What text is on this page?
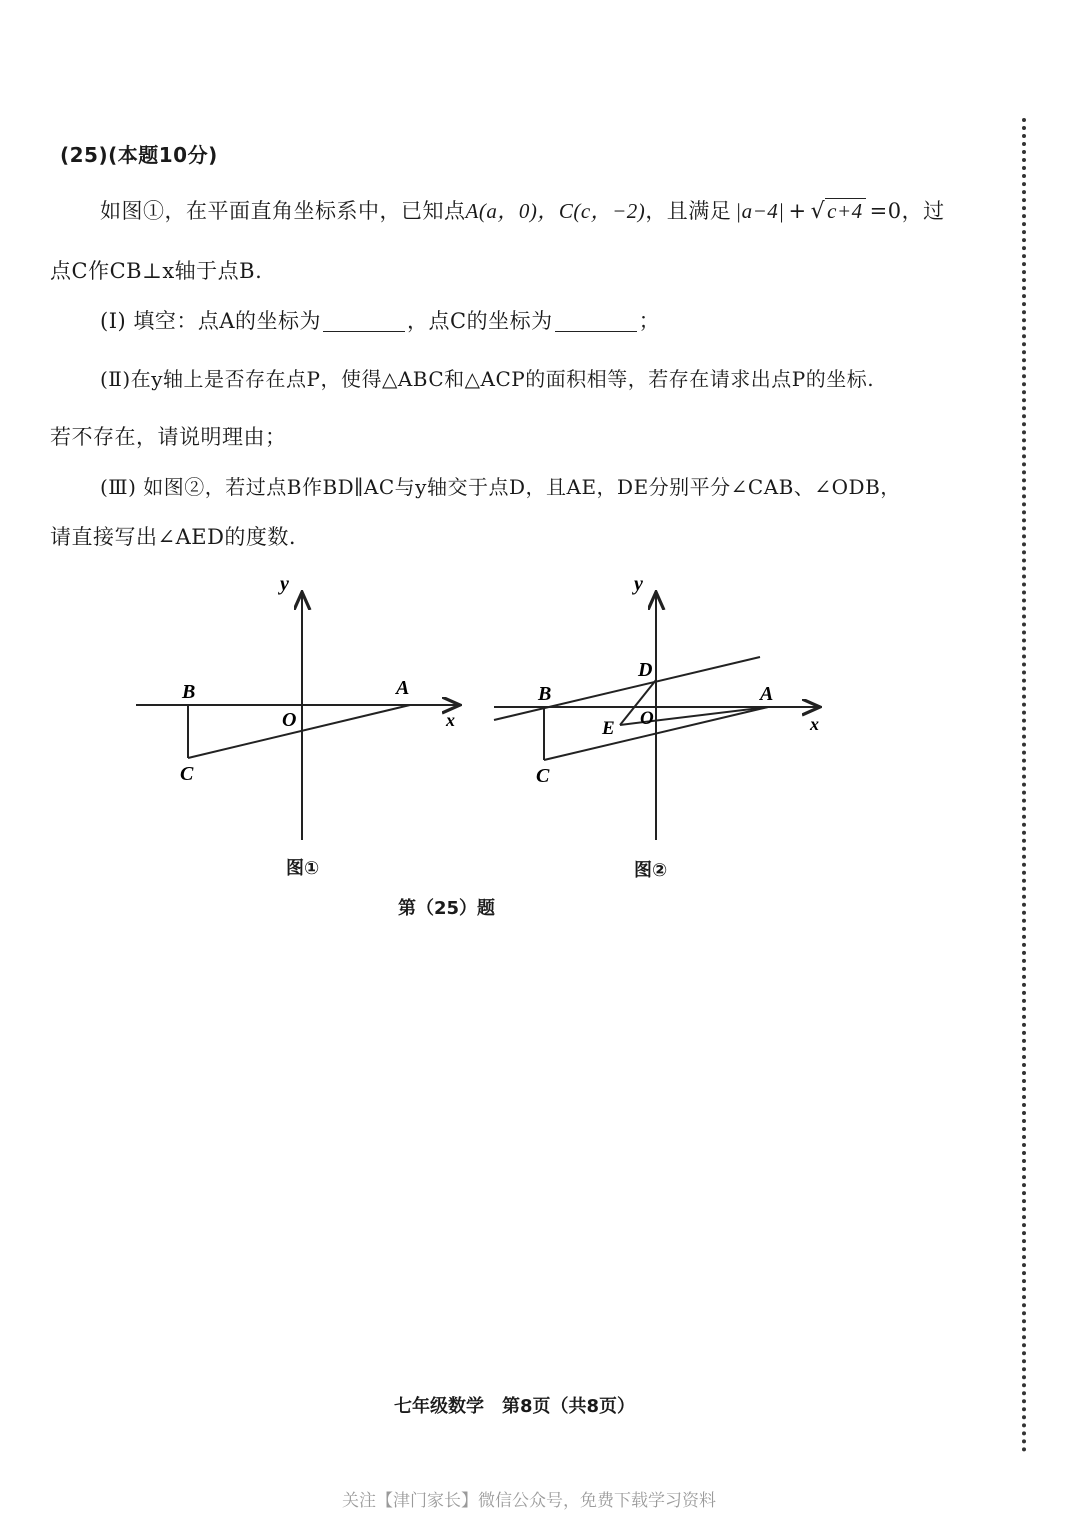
(25)(本题10分)
如图①，在平面直角坐标系中，已知点A(a，0)，C(c，−2)，且满足 |a−4| + √c+4 =0，过
点C作CB⊥x轴于点B.
(Ⅰ) 填空：点A的坐标为	，点C的坐标为	；
(Ⅱ)在y轴上是否存在点P，使得△ABC和△ACP的面积相等，若存在请求出点P的坐标.
若不存在，请说明理由；
(Ⅲ) 如图②，若过点B作BD∥AC与y轴交于点D，且AE，DE分别平分∠CAB、∠ODB，
请直接写出∠AED的度数.
y
x
B	A
O
C
图①
y
x
B	A
D
O
E
C
图②
第（25）题
七年级数学　第8页（共8页）
关注【津门家长】微信公众号，免费下载学习资料
